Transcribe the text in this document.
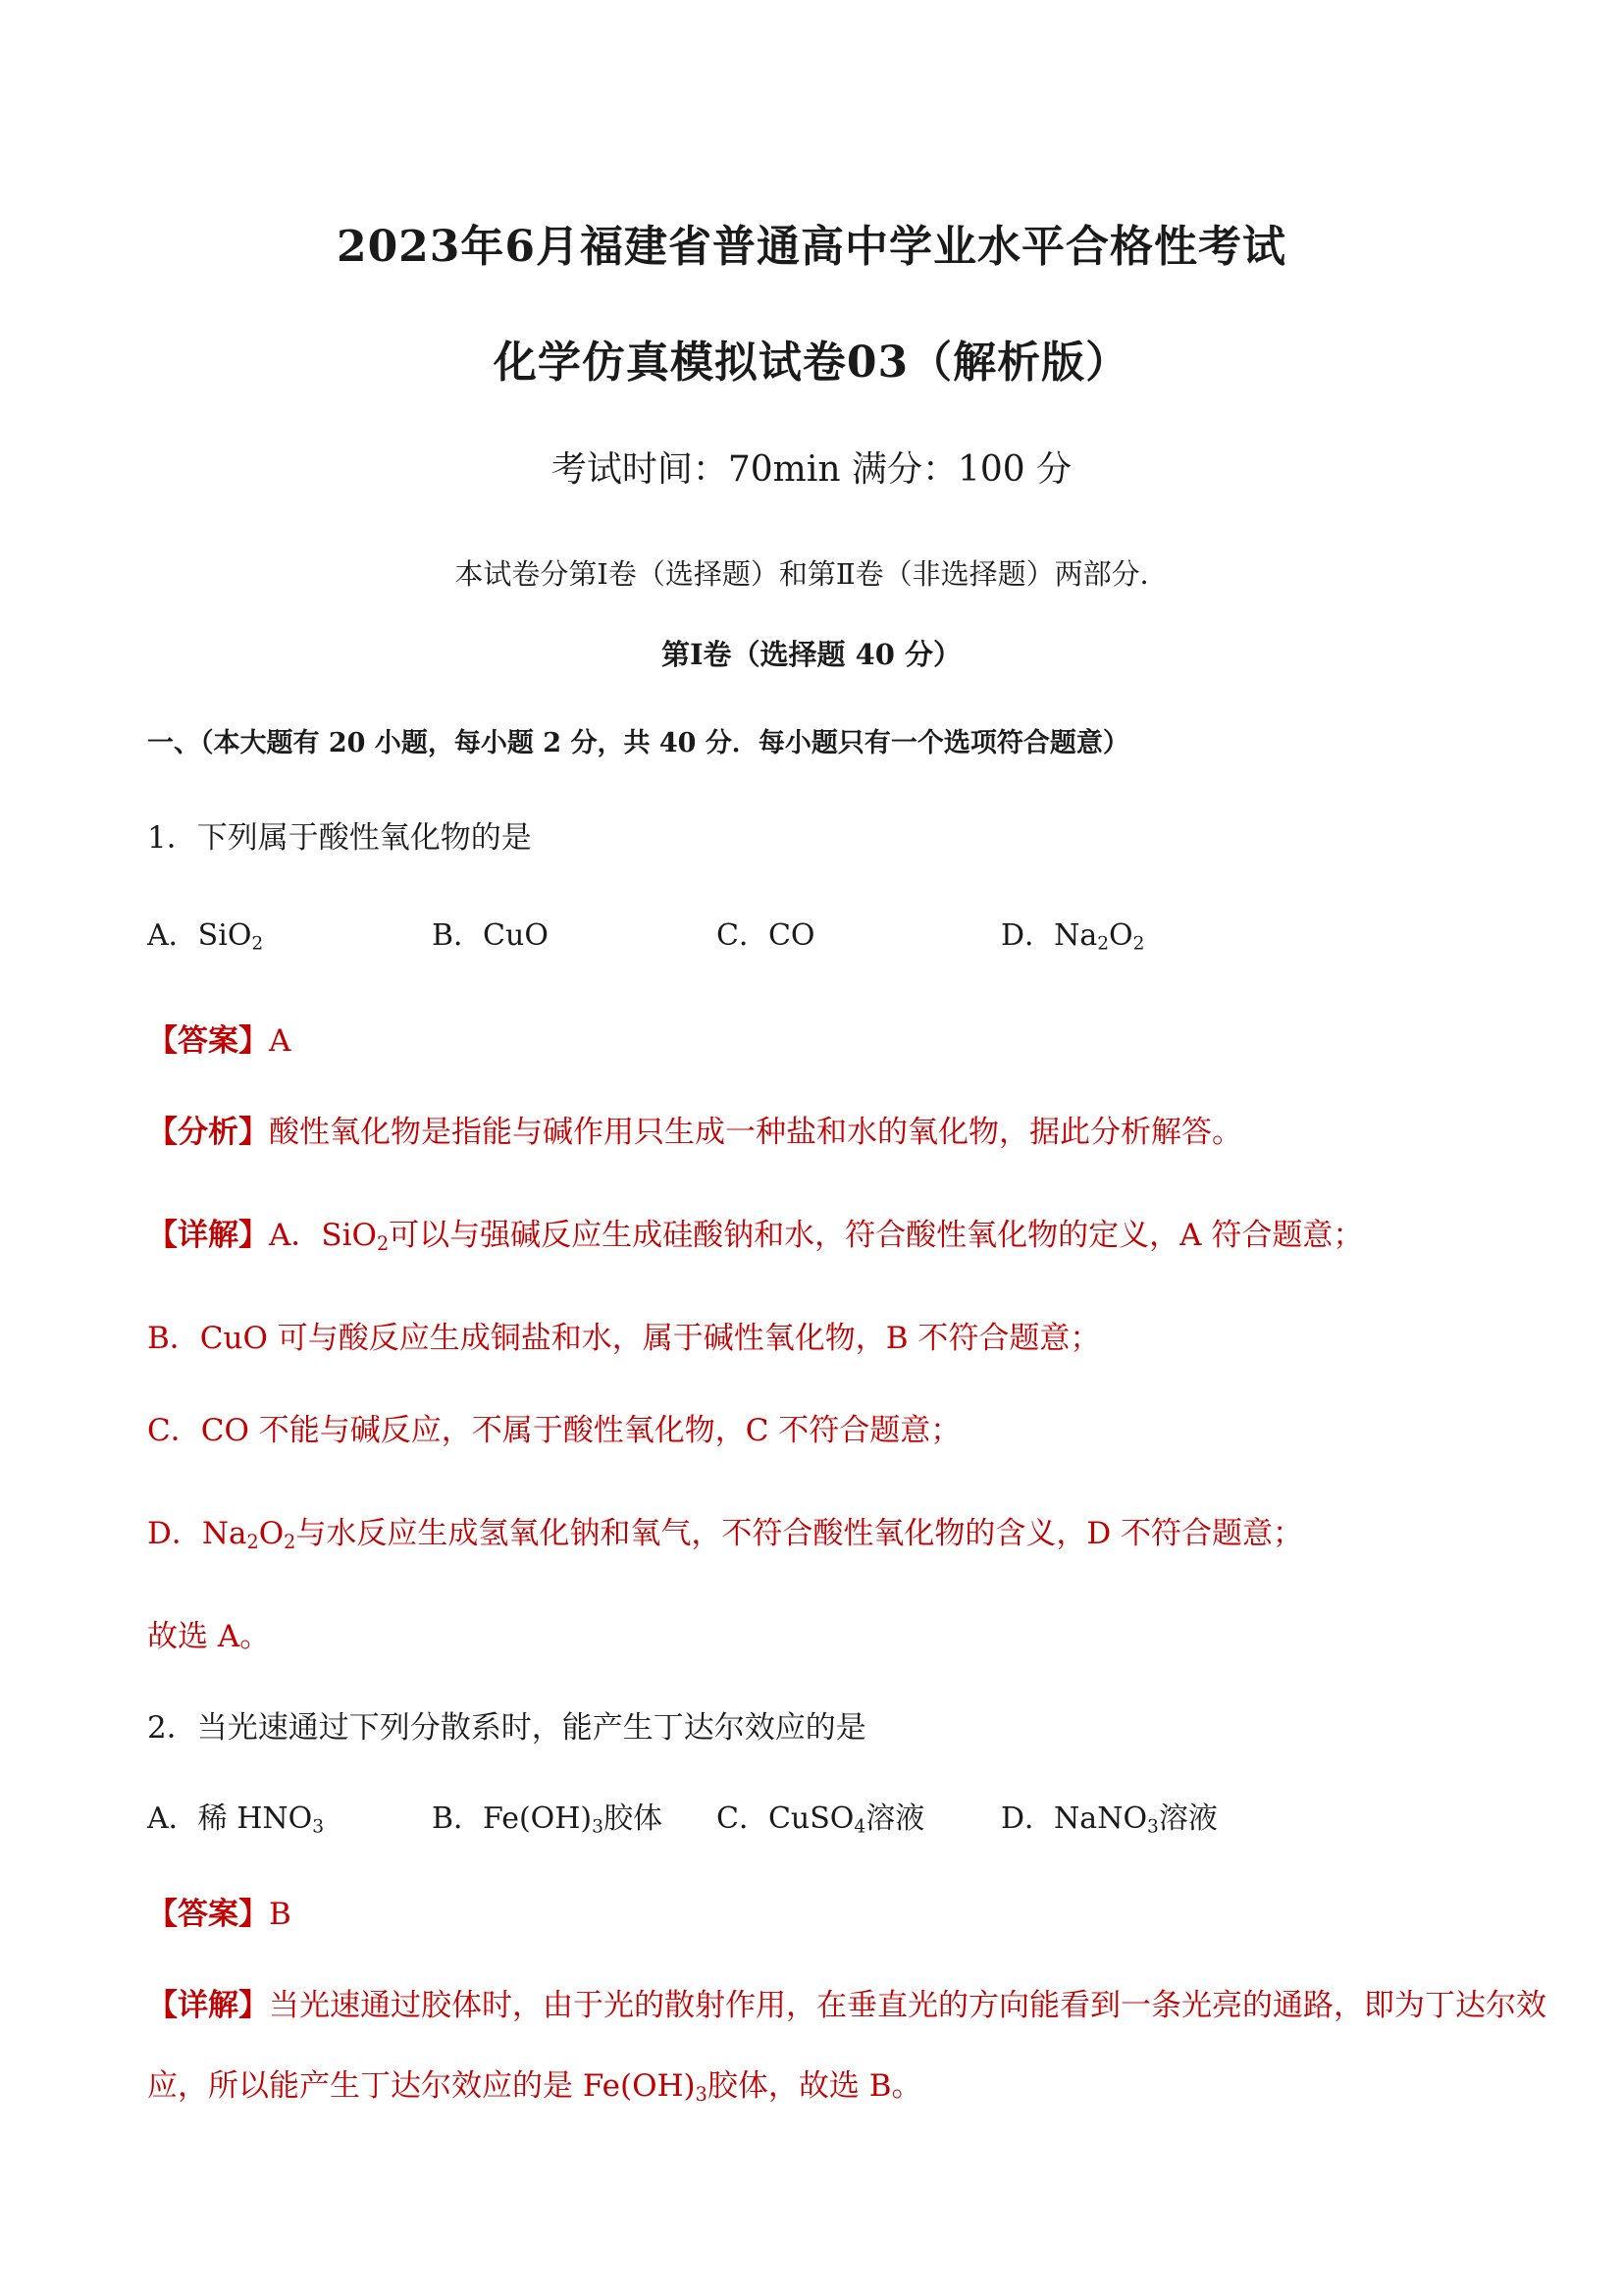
2023年6月福建省普通高中学业水平合格性考试
化学仿真模拟试卷03（解析版）
考试时间：70min 满分：100 分
本试卷分第Ⅰ卷（选择题）和第Ⅱ卷（非选择题）两部分．
第Ⅰ卷（选择题 40 分）
一、（本大题有 20 小题，每小题 2 分，共 40 分．每小题只有一个选项符合题意）
1．下列属于酸性氧化物的是
A．SiO$_2$	B．CuO	C．CO	D．$Na_2O_2$
【答案】A
【分析】酸性氧化物是指能与碱作用只生成一种盐和水的氧化物，据此分析解答。
【详解】A．SiO$_2$可以与强碱反应生成硅酸钠和水，符合酸性氧化物的定义，A 符合题意；
B．CuO 可与酸反应生成铜盐和水，属于碱性氧化物，B 不符合题意；
C．CO 不能与碱反应，不属于酸性氧化物，C 不符合题意；
D．$Na_2O_2$与水反应生成氢氧化钠和氧气，不符合酸性氧化物的含义，D 不符合题意；
故选 A。
2．当光速通过下列分散系时，能产生丁达尔效应的是
A．稀 $HNO_3$	B．$Fe(OH)_3$胶体 C．CuSO$_4$溶液	D．NaNO$_3$溶液
【答案】B
【详解】当光速通过胶体时，由于光的散射作用，在垂直光的方向能看到一条光亮的通路，即为丁达尔效
应，所以能产生丁达尔效应的是 $Fe(OH)_3$胶体，故选 B。
